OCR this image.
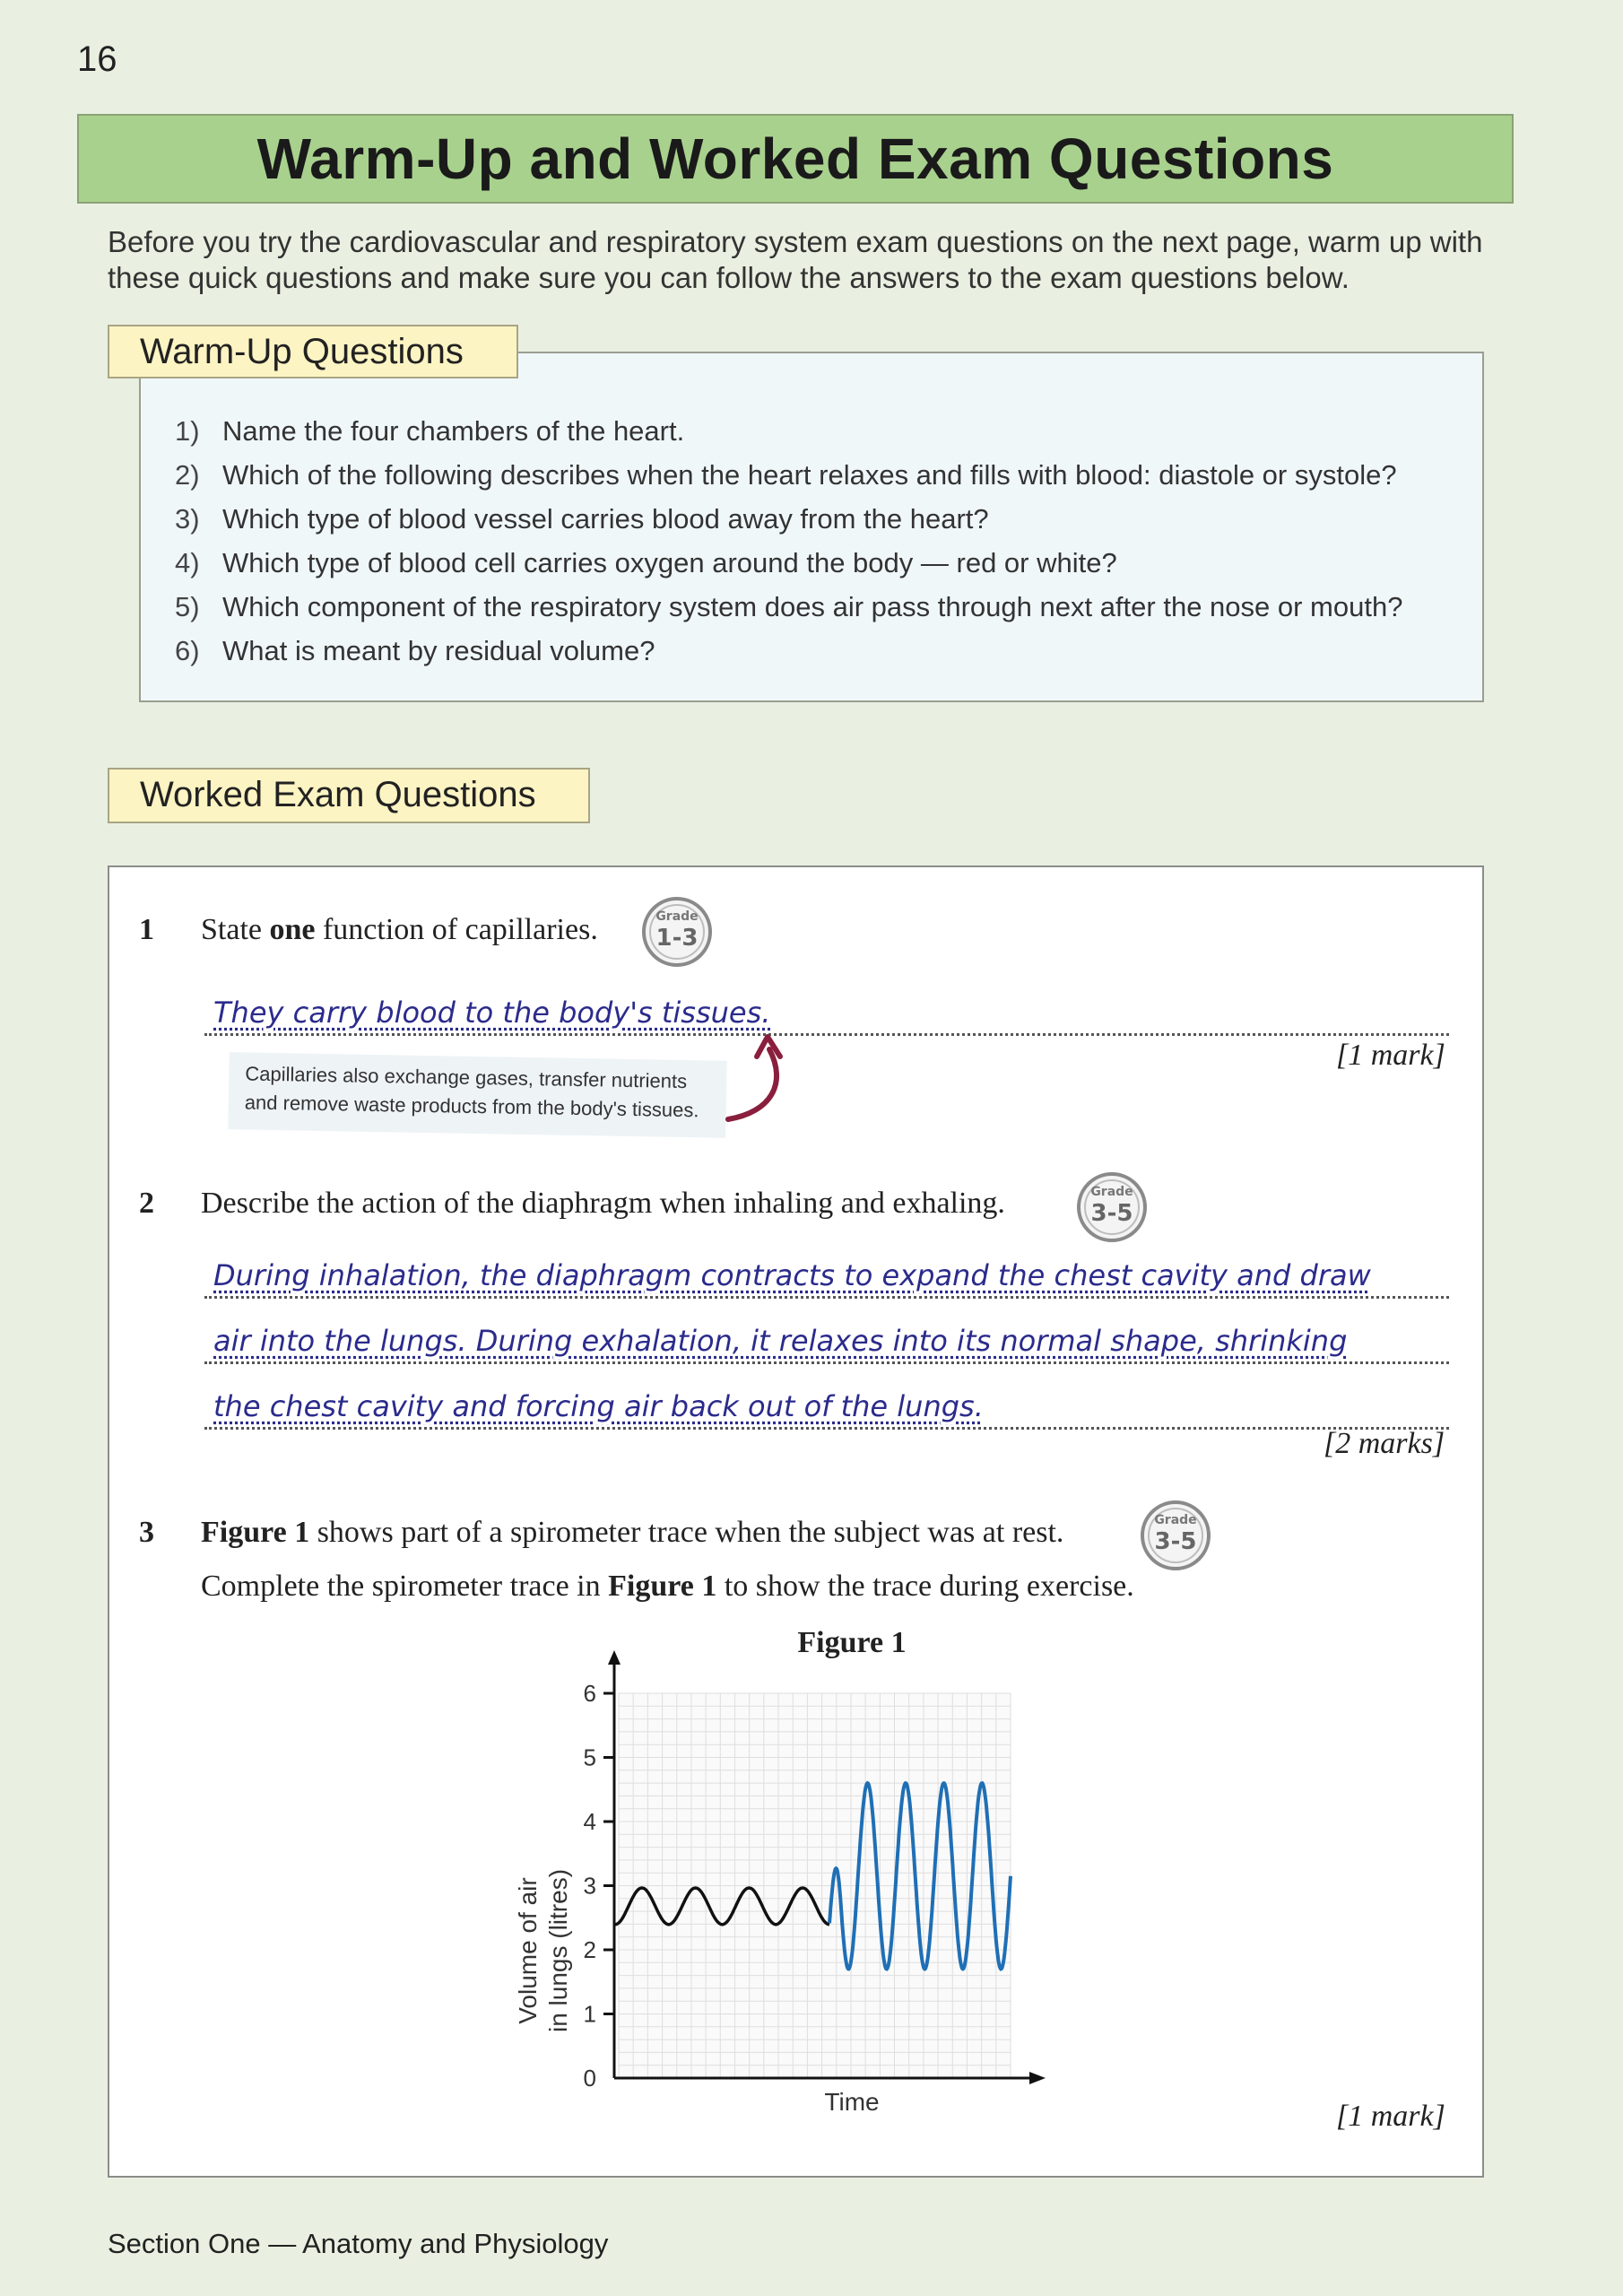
16
Warm-Up and Worked Exam Questions
Before you try the cardiovascular and respiratory system exam questions on the next page, warm up with these quick questions and make sure you can follow the answers to the exam questions below.
Warm-Up Questions
1) Name the four chambers of the heart.
2) Which of the following describes when the heart relaxes and fills with blood: diastole or systole?
3) Which type of blood vessel carries blood away from the heart?
4) Which type of blood cell carries oxygen around the body — red or white?
5) Which component of the respiratory system does air pass through next after the nose or mouth?
6) What is meant by residual volume?
Worked Exam Questions
1 State one function of capillaries.	Grade
1-3
They carry blood to the body's tissues.
[1 mark]
Capillaries also exchange gases, transfer nutrients
and remove waste products from the body's tissues.
2 Describe the action of the diaphragm when inhaling and exhaling.	Grade
3-5
During inhalation, the diaphragm contracts to expand the chest cavity and draw
air into the lungs. During exhalation, it relaxes into its normal shape, shrinking
the chest cavity and forcing air back out of the lungs.
[2 marks]
3 Figure 1 shows part of a spirometer trace when the subject was at rest.	Grade
3-5
Complete the spirometer trace in Figure 1 to show the trace during exercise.
Figure 1
0
1
2
3
4
5
6
Time
Volume of air in lungs (litres)
[1 mark]
Section One — Anatomy and Physiology
